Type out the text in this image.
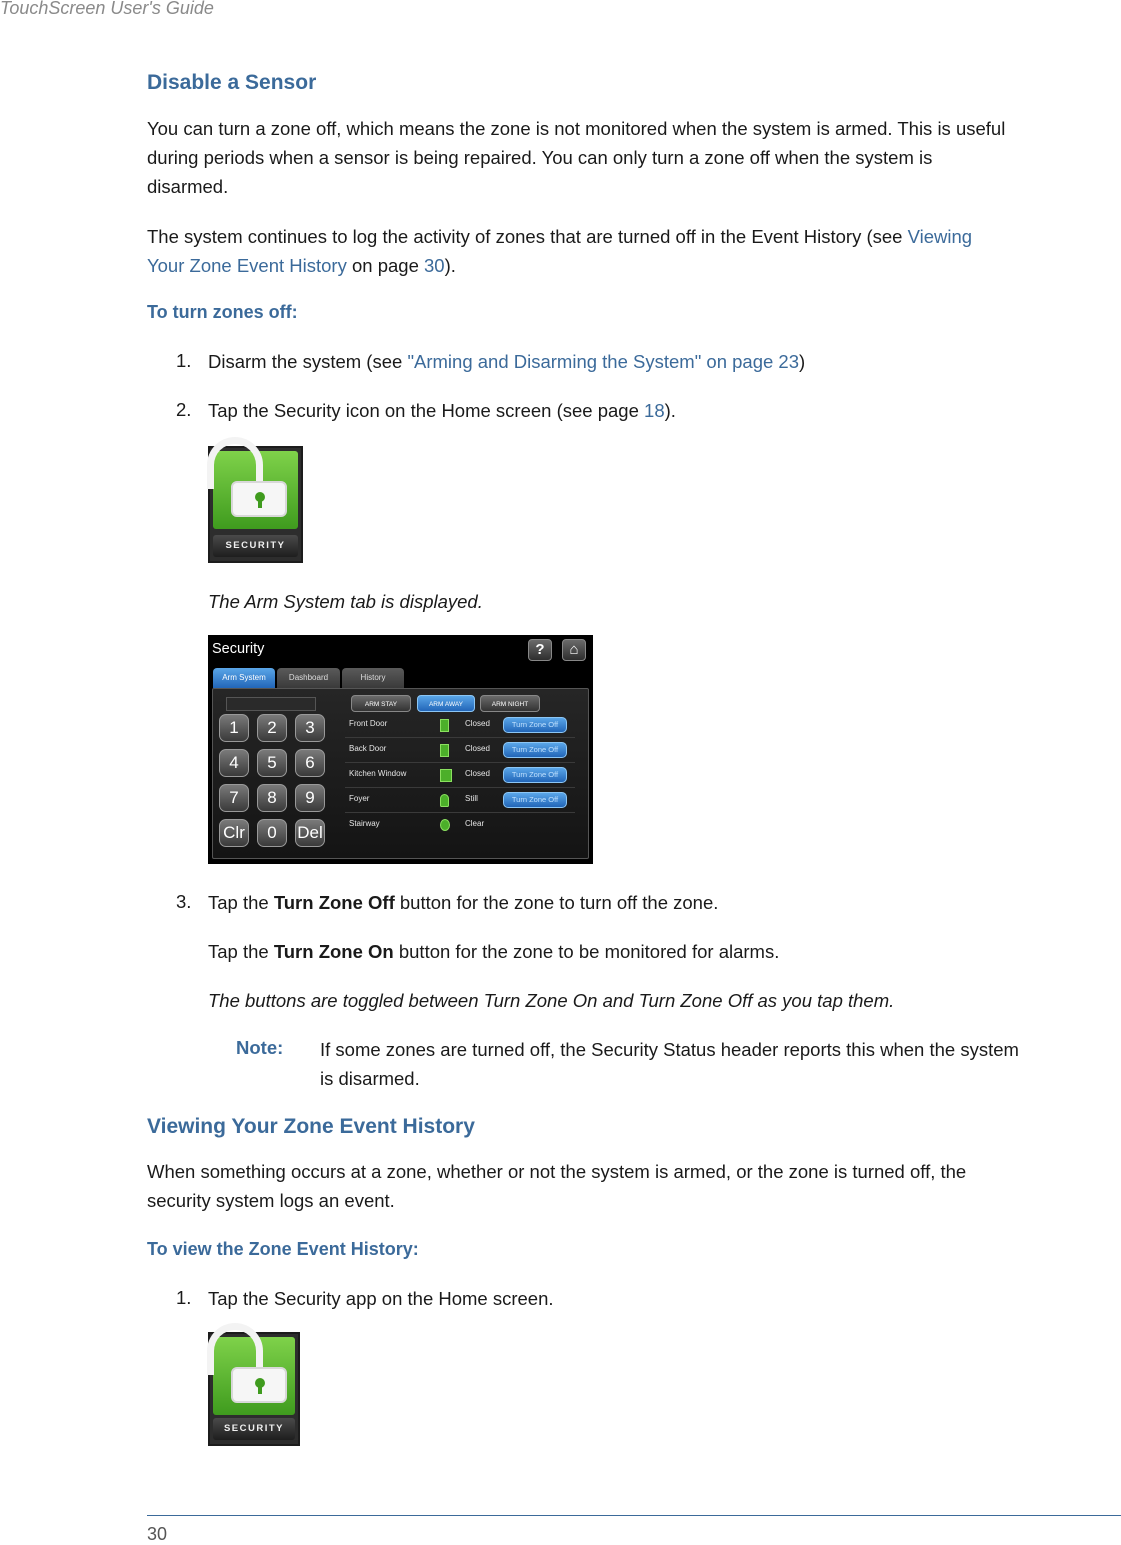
TouchScreen User's Guide
Disable a Sensor
You can turn a zone off, which means the zone is not monitored when the system is armed. This is useful
during periods when a sensor is being repaired. You can only turn a zone off when the system is
disarmed.
The system continues to log the activity of zones that are turned off in the Event History (see Viewing
Your Zone Event History on page 30).
To turn zones off:
1. Disarm the system (see "Arming and Disarming the System" on page 23)
2. Tap the Security icon on the Home screen (see page 18).
SECURITY
The Arm System tab is displayed.
Security	?	⌂
Arm System	Dashboard	History
1	2	3
4	5	6
7	8	9
Clr	0	Del
ARM STAY	ARM AWAY	ARM NIGHT
Front Door	Closed	Turn Zone Off
Back Door	Closed	Turn Zone Off
Kitchen Window	Closed	Turn Zone Off
Foyer	Still	Turn Zone Off
Stairway	Clear
3. Tap the Turn Zone Off button for the zone to turn off the zone.
Tap the Turn Zone On button for the zone to be monitored for alarms.
The buttons are toggled between Turn Zone On and Turn Zone Off as you tap them.
Note: If some zones are turned off, the Security Status header reports this when the system
is disarmed.
Viewing Your Zone Event History
When something occurs at a zone, whether or not the system is armed, or the zone is turned off, the
security system logs an event.
To view the Zone Event History:
1. Tap the Security app on the Home screen.
SECURITY
30
